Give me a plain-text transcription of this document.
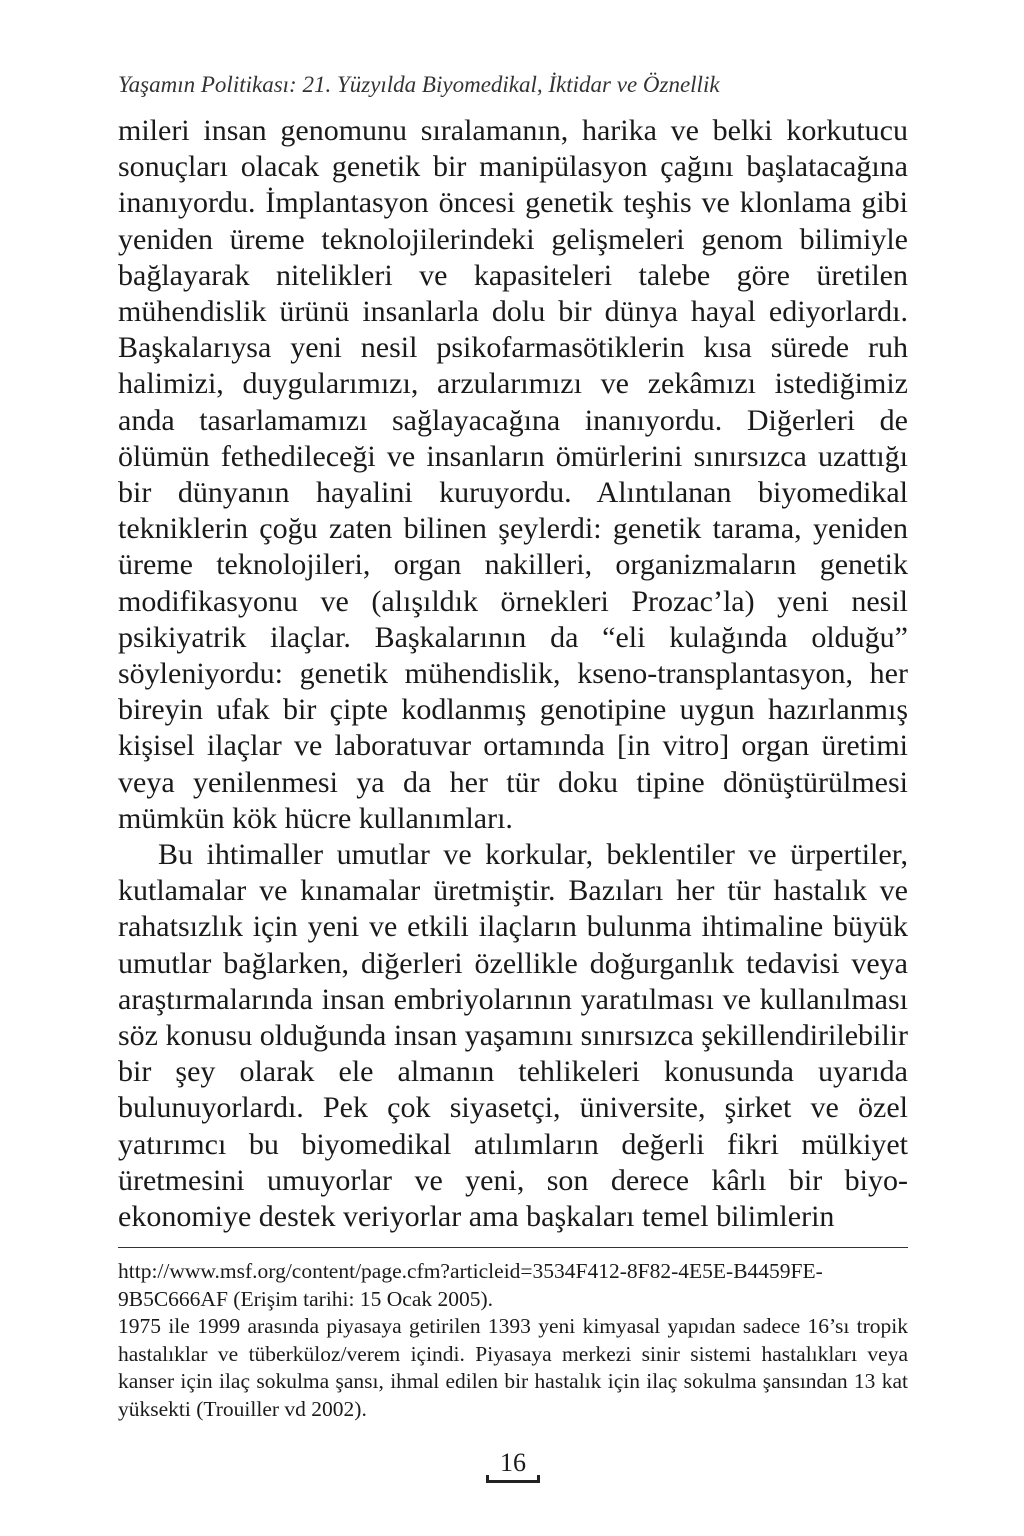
Yaşamın Politikası: 21. Yüzyılda Biyomedikal, İktidar ve Öznellik

mileri insan genomunu sıralamanın, harika ve belki korkutucu sonuçları olacak genetik bir manipülasyon çağını başlatacağına inanıyordu. İmplantasyon öncesi genetik teşhis ve klonlama gibi yeniden üreme teknolojilerindeki gelişmeleri genom bilimiyle bağlayarak nitelikleri ve kapasiteleri talebe göre üretilen mühendislik ürünü insanlarla dolu bir dünya hayal ediyorlardı. Başkalarıysa yeni nesil psikofarmasötiklerin kısa sürede ruh halimizi, duygularımızı, arzularımızı ve zekâmızı istediğimiz anda tasarlamamızı sağlayacağına inanıyordu. Diğerleri de ölümün fethedileceği ve insanların ömürlerini sınırsızca uzattığı bir dünyanın hayalini kuruyordu. Alıntılanan biyomedikal tekniklerin çoğu zaten bilinen şeylerdi: genetik tarama, yeniden üreme teknolojileri, organ nakilleri, organizmaların genetik modifikasyonu ve (alışıldık örnekleri Prozac’la) yeni nesil psikiyatrik ilaçlar. Başkalarının da “eli kulağında olduğu” söyleniyordu: genetik mühendislik, kseno-transplantasyon, her bireyin ufak bir çipte kodlanmış genotipine uygun hazırlanmış kişisel ilaçlar ve laboratuvar ortamında [in vitro] organ üretimi veya yenilenmesi ya da her tür doku tipine dönüştürülmesi mümkün kök hücre kullanımları.

Bu ihtimaller umutlar ve korkular, beklentiler ve ürpertiler, kutlamalar ve kınamalar üretmiştir. Bazıları her tür hastalık ve rahatsızlık için yeni ve etkili ilaçların bulunma ihtimaline büyük umutlar bağlarken, diğerleri özellikle doğurganlık tedavisi veya araştırmalarında insan embriyolarının yaratılması ve kullanılması söz konusu olduğunda insan yaşamını sınırsızca şekillendirilebilir bir şey olarak ele almanın tehlikeleri konusunda uyarıda bulunuyorlardı. Pek çok siyasetçi, üniversite, şirket ve özel yatırımcı bu biyomedikal atılımların değerli fikri mülkiyet üretmesini umuyorlar ve yeni, son derece kârlı bir biyo-ekonomiye destek veriyorlar ama başkaları temel bilimlerin

http://www.msf.org/content/page.cfm?articleid=3534F412-8F82-4E5E-B4459FE-9B5C666AF (Erişim tarihi: 15 Ocak 2005).

1975 ile 1999 arasında piyasaya getirilen 1393 yeni kimyasal yapıdan sadece 16’sı tropik hastalıklar ve tüberküloz/verem içindi. Piyasaya merkezi sinir sistemi hastalıkları veya kanser için ilaç sokulma şansı, ihmal edilen bir hastalık için ilaç sokulma şansından 13 kat yüksekti (Trouiller vd 2002).

16
